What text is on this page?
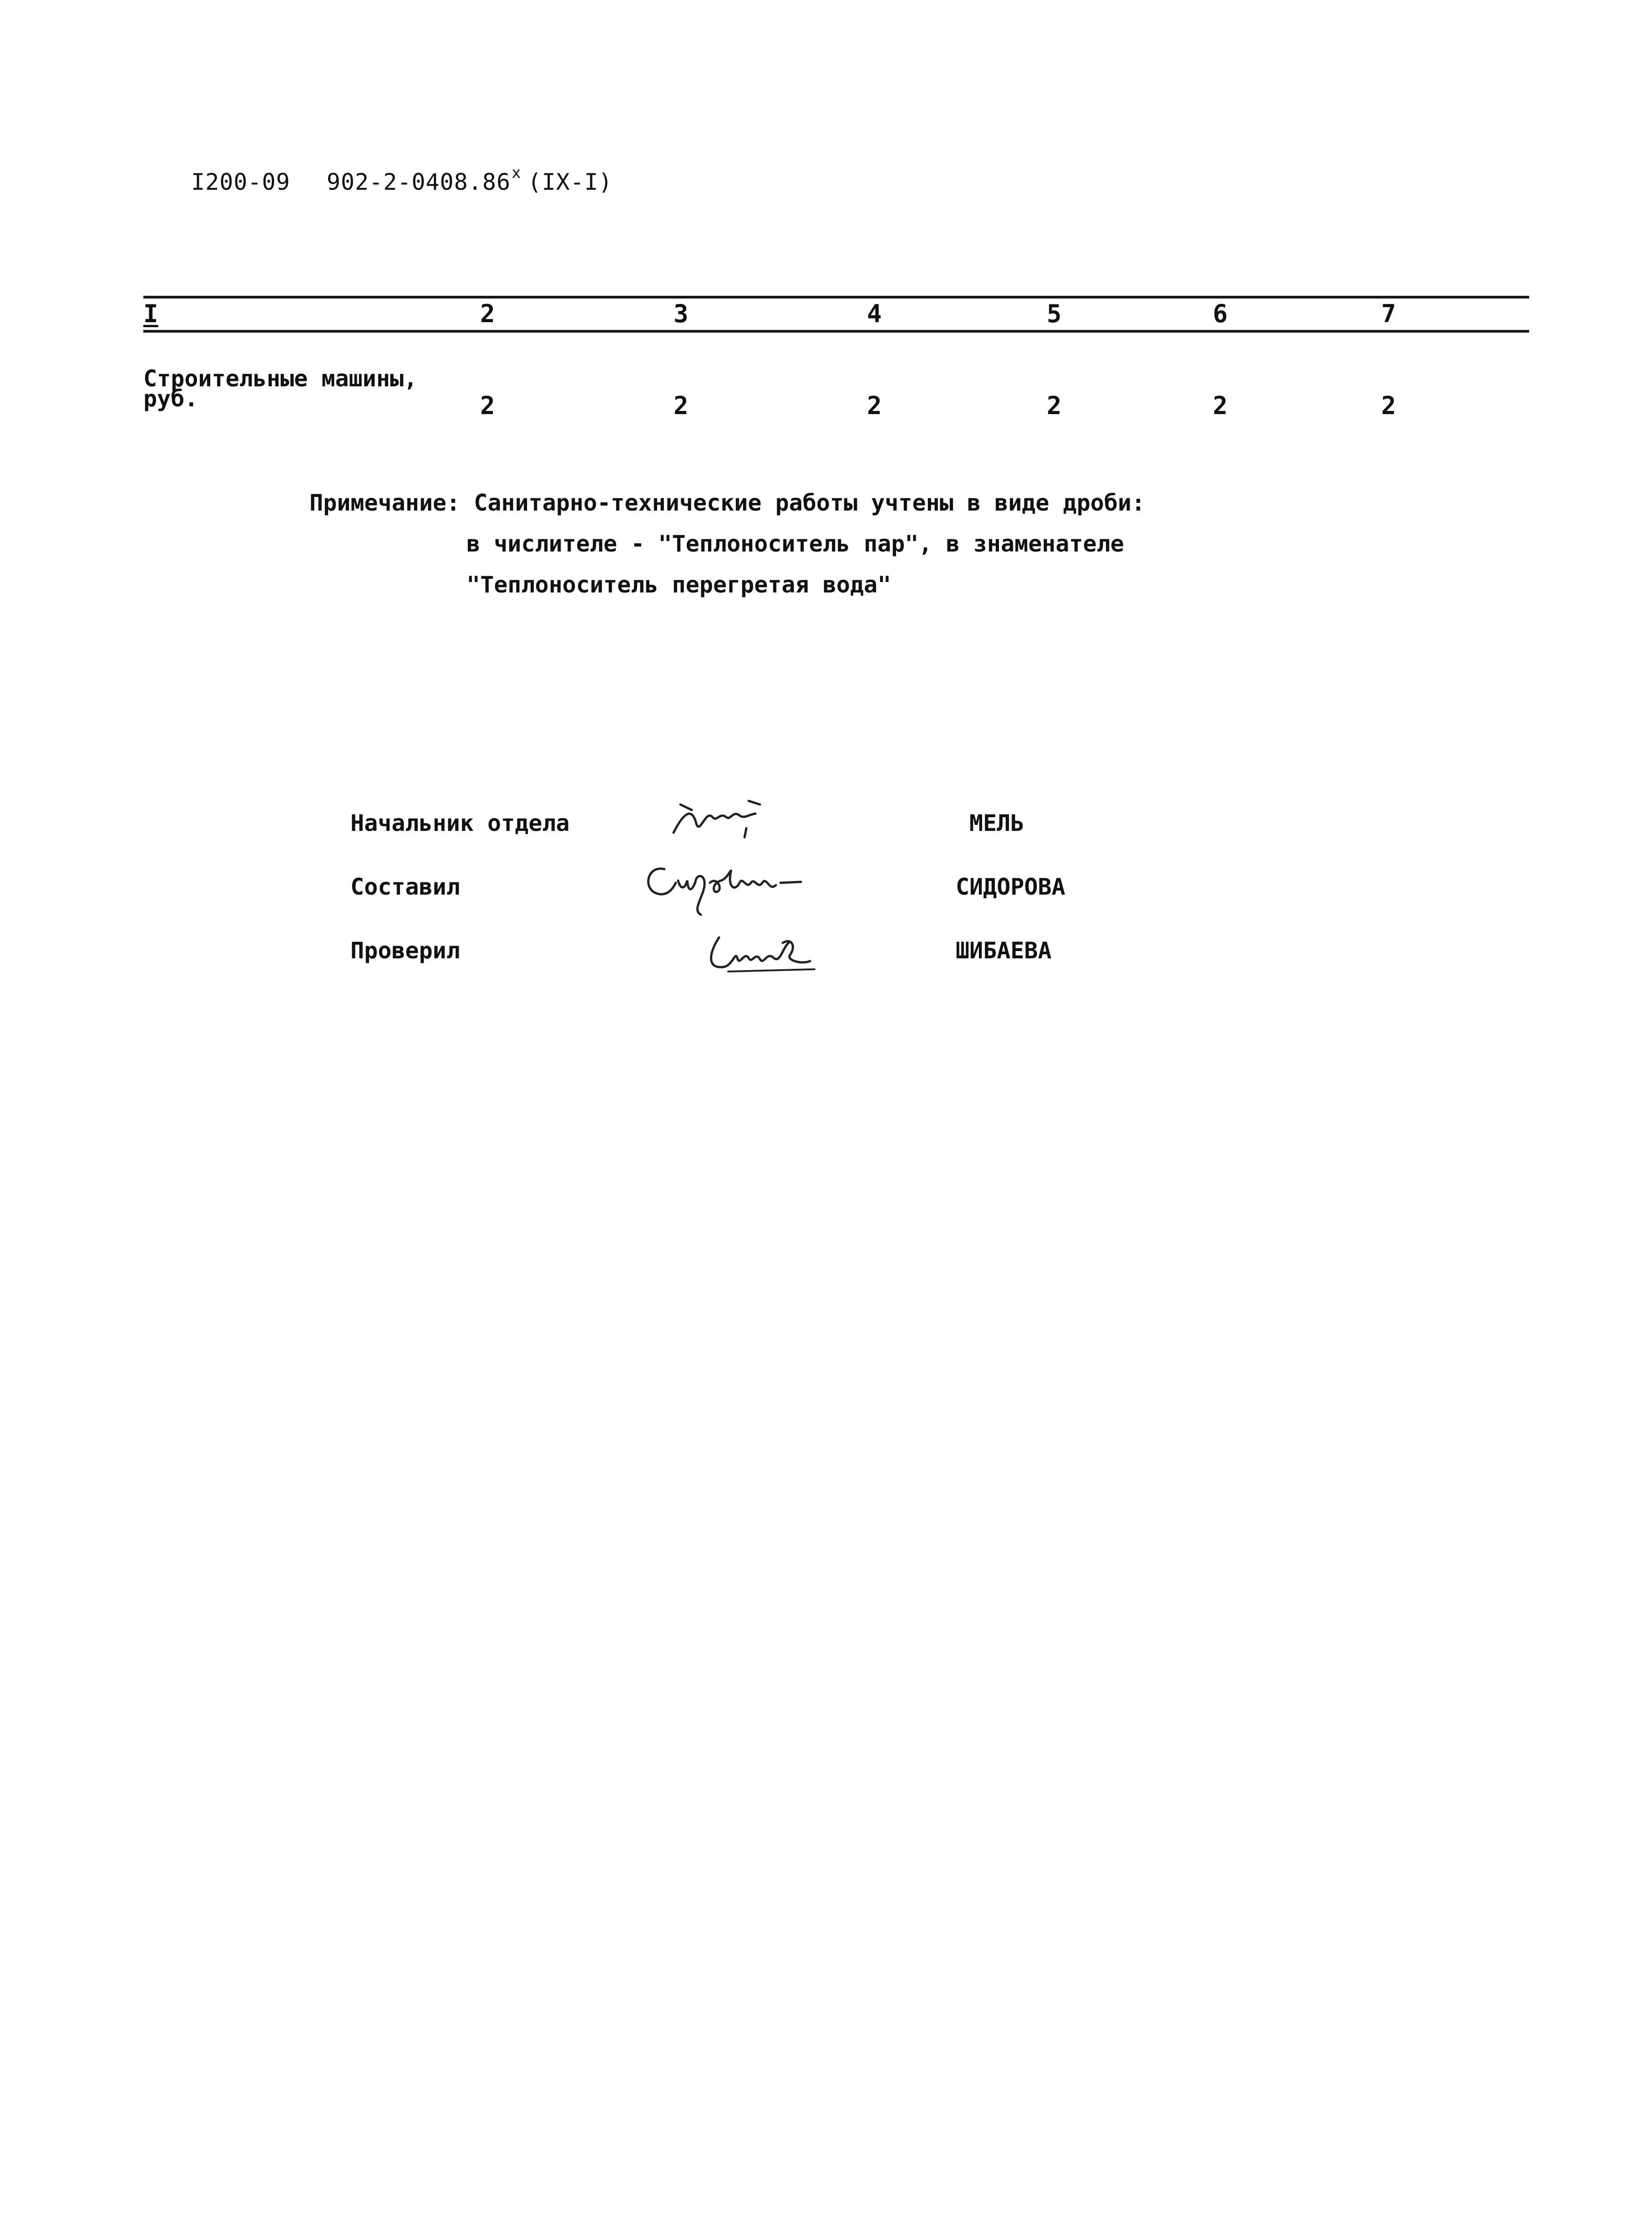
I200-09 902-2-0408.86$^x$ (IX-I)
I	2	3	4	5	6	7
Строительные машины,
руб.	2	2	2	2	2	2
Примечание: Санитарно-технические работы учтены в виде дроби:
в числителе - "Теплоноситель пар", в знаменателе
"Теплоноситель перегретая вода"
Начальник отдела	МЕЛЬ
Составил	СИДОРОВА
Проверил	ШИБАЕВА
